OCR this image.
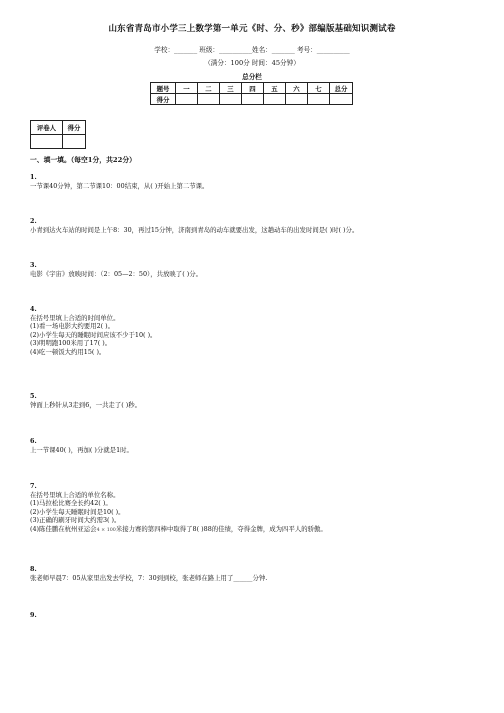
山东省青岛市小学三上数学第一单元《时、分、秒》部编版基础知识测试卷
学校：_______ 班级：__________姓名：_______ 考号：__________
（满分：100分 时间：45分钟）
总分栏
题号	一	二	三	四	五	六	七	总分
得分								
评卷人	得分

一、填一填。（每空1分，共22分）
1.
一节课40分钟，第二节课10：00结束，从( )开始上第二节课。
2.
小青到达火车站的时间是上午8：30，再过15分钟，济南到青岛的动车就要出发，这趟动车的出发时间是( )时( )分。
3.
电影《宇宙》放映时间：（2：05—2：50），共放映了( )分。
4.
在括号里填上合适的时间单位。
(1)看一场电影大约要用2( )。
(2)小学生每天的睡眠时间应该不少于10( )。
(3)明明跑100米用了17( )。
(4)吃一顿饭大约用15( )。
5.
钟面上秒针从3走到6，一共走了( )秒。
6.
上一节课40( )，再加( )分就是1时。
7.
在括号里填上合适的单位名称。
(1)马拉松比赛全长约42( )。
(2)小学生每天睡眠时间是10( )。
(3)正确的刷牙时间大约需3( )。
(4)陈佳鹏在杭州亚运会4 × 100米接力赛的第四棒中取得了8( )88的佳绩，夺得金牌，成为四平人的骄傲。
8.
张老师早晨7：05从家里出发去学校，7：30到到校，张老师在路上用了______分钟.
9.
